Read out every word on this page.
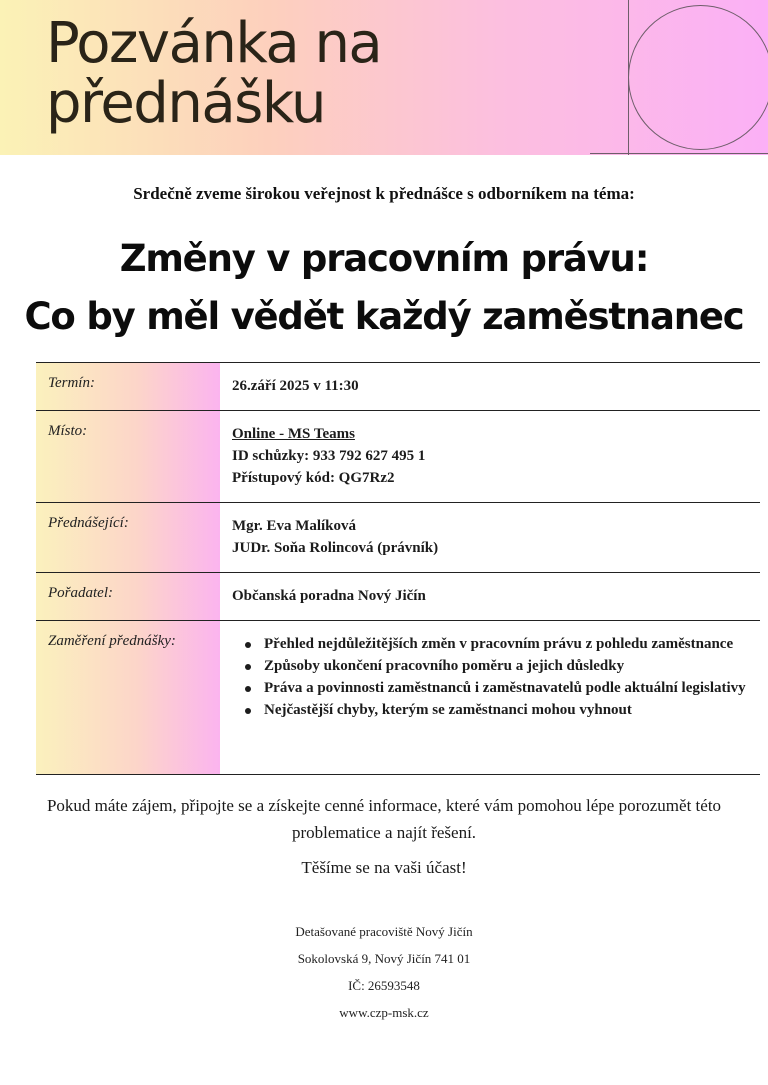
Pozvánka na
přednášku

Srdečně zveme širokou veřejnost k přednášce s odborníkem na téma:

Změny v pracovním právu:
Co by měl vědět každý zaměstnanec
Termín:	26.září 2025 v 11:30
Místo:	Online - MS Teams
ID schůzky: 933 792 627 495 1
Přístupový kód: QG7Rz2
Přednášející:	Mgr. Eva Malíková
JUDr. Soňa Rolincová (právník)
Pořadatel:	Občanská poradna Nový Jičín
Zaměření přednášky:	Přehled nejdůležitějších změn v pracovním právu z pohledu zaměstnance
Způsoby ukončení pracovního poměru a jejich důsledky
Práva a povinnosti zaměstnanců i zaměstnavatelů podle aktuální legislativy
Nejčastější chyby, kterým se zaměstnanci mohou vyhnout

Pokud máte zájem, připojte se a získejte cenné informace, které vám pomohou lépe porozumět této problematice a najít řešení.

Těšíme se na vaši účast!

Detašované pracoviště Nový Jičín
Sokolovská 9, Nový Jičín 741 01
IČ: 26593548
www.czp-msk.cz
